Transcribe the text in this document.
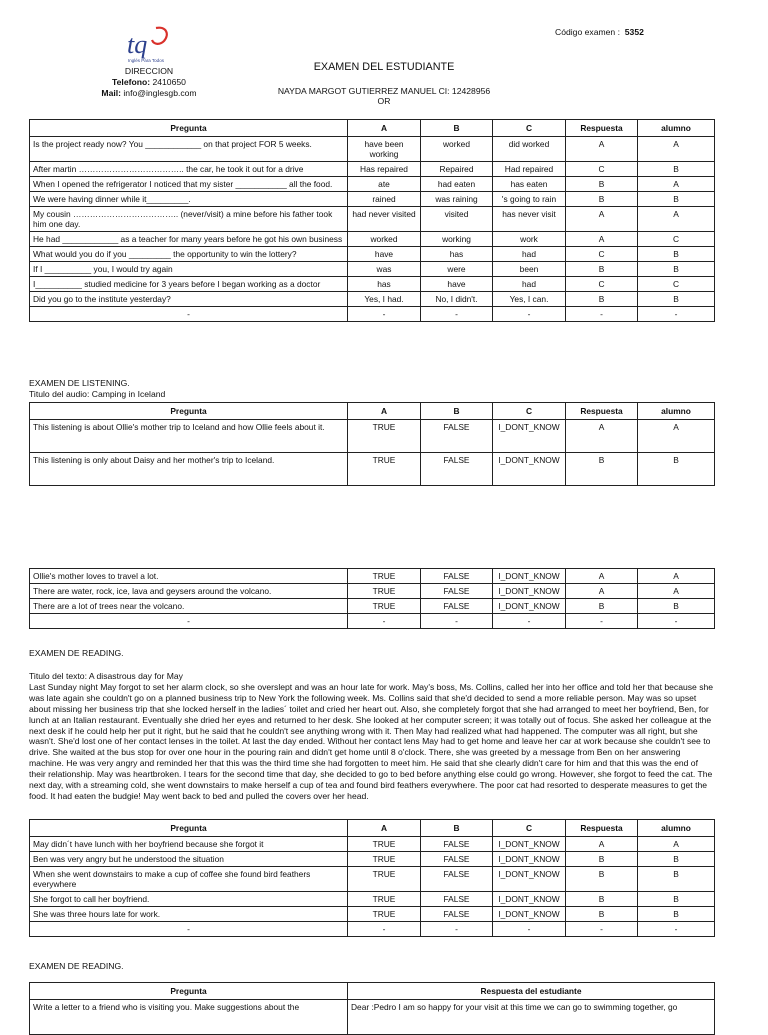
tq
Inglés Para Todos
DIRECCION
Telefono: 2410650
Mail: info@inglesgb.com
Código examen : 5352
EXAMEN DEL ESTUDIANTE
NAYDA MARGOT GUTIERREZ MANUEL CI: 12428956
OR
Pregunta	A	B	C	Respuesta	alumno
Is the project ready now? You ____________ on that project FOR 5 weeks.	have been working	worked	did worked	A	A
After martin ……………………………….. the car, he took it out for a drive	Has repaired	Repaired	Had repaired	C	B
When I opened the refrigerator I noticed that my sister ___________ all the food.	ate	had eaten	has eaten	B	A
We were having dinner while it_________.	rained	was raining	's going to rain	B	B
My cousin ……………………………….. (never/visit) a mine before his father took him one day.	had never visited	visited	has never visit	A	A
He had ____________ as a teacher for many years before he got his own business	worked	working	work	A	C
What would you do if you _________ the opportunity to win the lottery?	have	has	had	C	B
If I __________ you, I would try again	was	were	been	B	B
I__________ studied medicine for 3 years before I began working as a doctor	has	have	had	C	C
Did you go to the institute yesterday?	Yes, I had.	No, I didn't.	Yes, I can.	B	B
-	-	-	-	-	-
EXAMEN DE LISTENING.
Titulo del audio: Camping in Iceland
Pregunta	A	B	C	Respuesta	alumno
This listening is about Ollie's mother trip to Iceland and how Ollie feels about it.	TRUE	FALSE	I_DONT_KNOW	A	A
This listening is only about Daisy and her mother's trip to Iceland.	TRUE	FALSE	I_DONT_KNOW	B	B
Ollie's mother loves to travel a lot.	TRUE	FALSE	I_DONT_KNOW	A	A
There are water, rock, ice, lava and geysers around the volcano.	TRUE	FALSE	I_DONT_KNOW	A	A
There are a lot of trees near the volcano.	TRUE	FALSE	I_DONT_KNOW	B	B
-	-	-	-	-	-
EXAMEN DE READING.
Titulo del texto: A disastrous day for May
Last Sunday night May forgot to set her alarm clock, so she overslept and was an hour late for work. May's boss, Ms. Collins, called her into her office and told her that because she was late again she couldn't go on a planned business trip to New York the following week. Ms. Collins said that she'd decided to send a more reliable person. May was so upset about missing her business trip that she locked herself in the ladies´ toilet and cried her heart out. Also, she completely forgot that she had arranged to meet her boyfriend, Ben, for lunch at an Italian restaurant. Eventually she dried her eyes and returned to her desk. She looked at her computer screen; it was totally out of focus. She asked her colleague at the next desk if he could help her put it right, but he said that he couldn't see anything wrong with it. Then May had realized what had happened. The computer was all right, but she wasn't. She'd lost one of her contact lenses in the toilet. At last the day ended. Without her contact lens May had to get home and leave her car at work because she couldn't see to drive. She waited at the bus stop for over one hour in the pouring rain and didn't get home until 8 o'clock. There, she was greeted by a message from Ben on her answering machine. He was very angry and reminded her that this was the third time she had forgotten to meet him. He said that she clearly didn't care for him and that this was the end of their relationship. May was heartbroken. I tears for the second time that day, she decided to go to bed before anything else could go wrong. However, she forgot to feed the cat. The next day, with a streaming cold, she went downstairs to make herself a cup of tea and found bird feathers everywhere. The poor cat had resorted to desperate measures to get the food. It had eaten the budgie! May went back to bed and pulled the covers over her head.
Pregunta	A	B	C	Respuesta	alumno
May didn´t have lunch with her boyfriend because she forgot it	TRUE	FALSE	I_DONT_KNOW	A	A
Ben was very angry but he understood the situation	TRUE	FALSE	I_DONT_KNOW	B	B
When she went downstairs to make a cup of coffee she found bird feathers everywhere	TRUE	FALSE	I_DONT_KNOW	B	B
She forgot to call her boyfriend.	TRUE	FALSE	I_DONT_KNOW	B	B
She was three hours late for work.	TRUE	FALSE	I_DONT_KNOW	B	B
-	-	-	-	-	-
EXAMEN DE READING.
Pregunta	Respuesta del estudiante
Write a letter to a friend who is visiting you. Make suggestions about the	Dear :Pedro I am so happy for your visit at this time we can go to swimming together, go
